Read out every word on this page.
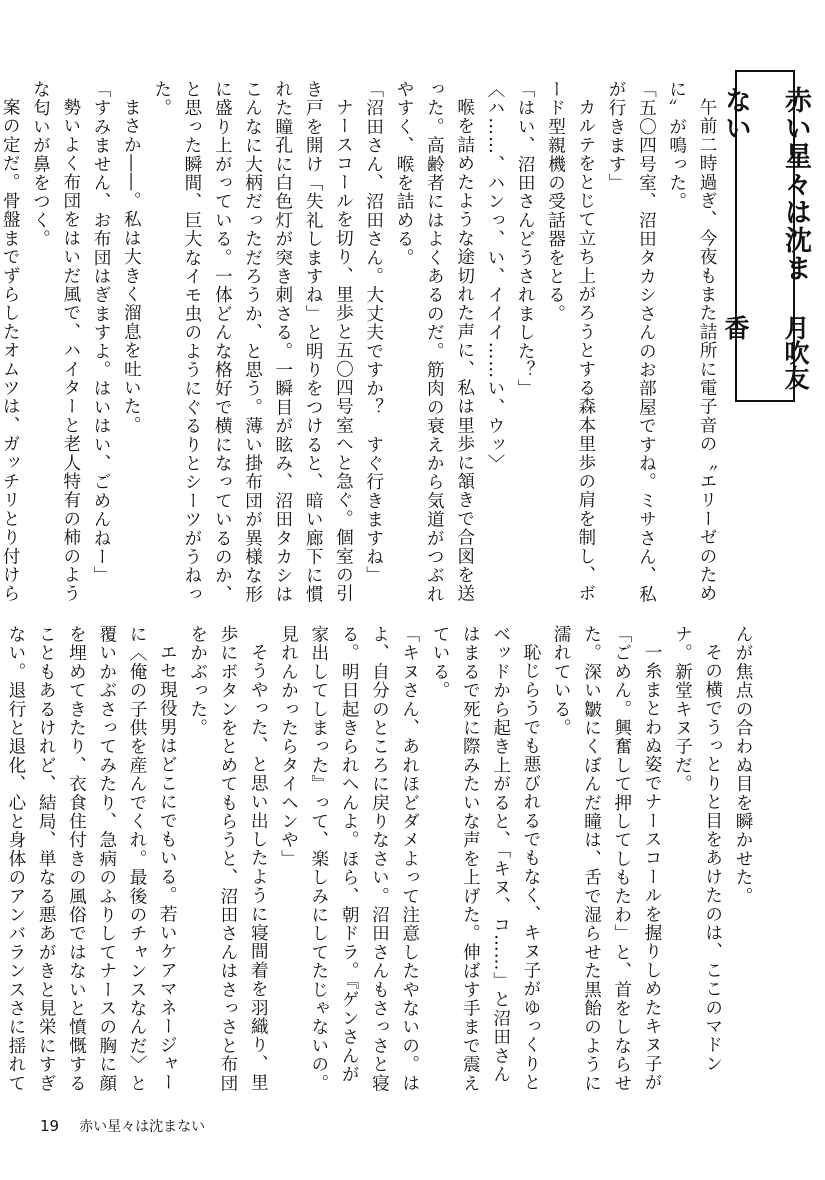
赤い星々は沈まない
月吹友香

午前二時過ぎ、今夜もまた詰所に電子音の〝エリーゼのために〟が鳴った。

「五〇四号室、沼田タカシさんのお部屋ですね。ミサさん、私が行きます」

カルテをとじて立ち上がろうとする森本里歩の肩を制し、ボード型親機の受話器をとる。

「はい、沼田さんどうされました？」

〈ハ……、ハンっ、い、イイイ……い、ウッ〉

喉を詰めたような途切れた声に、私は里歩に頷きで合図を送った。高齢者にはよくあるのだ。筋肉の衰えから気道がつぶれやすく、喉を詰める。

「沼田さん、沼田さん。大丈夫ですか？　すぐ行きますね」

ナースコールを切り、里歩と五〇四号室へと急ぐ。個室の引き戸を開け「失礼しますね」と明りをつけると、暗い廊下に慣れた瞳孔に白色灯が突き刺さる。一瞬目が眩み、沼田タカシはこんなに大柄だっただろうか、と思う。薄い掛布団が異様な形に盛り上がっている。一体どんな格好で横になっているのか、と思った瞬間、巨大なイモ虫のようにぐるりとシーツがうねった。

まさか――。私は大きく溜息を吐いた。

「すみません、お布団はぎますよ。はいはい、ごめんねー」

勢いよく布団をはいだ風で、ハイターと老人特有の柿のような匂いが鼻をつく。

案の定だ。骨盤までずらしたオムツは、ガッチリとり付けら

んが焦点の合わぬ目を瞬かせた。

その横でうっとりと目をあけたのは、ここのマドンナ。新堂キヌ子だ。

一糸まとわぬ姿でナースコールを握りしめたキヌ子が「ごめん。興奮して押してしもたわ」と、首をしならせた。深い皺にくぼんだ瞳は、舌で湿らせた黒飴のように濡れている。

恥じらうでも悪びれるでもなく、キヌ子がゆっくりとベッドから起き上がると、「キヌ、コ……」と沼田さんはまるで死に際みたいな声を上げた。伸ばす手まで震えている。

「キヌさん、あれほどダメよって注意したやないの。はよ、自分のところに戻りなさい。沼田さんもさっさと寝る。明日起きられへんよ。ほら、朝ドラ。『ゲンさんが家出してしまった』って、楽しみにしてたじゃないの。見れんかったらタイヘンや」

そうやった、と思い出したように寝間着を羽織り、里歩にボタンをとめてもらうと、沼田さんはさっさと布団をかぶった。

エセ現役男はどこにでもいる。若いケアマネージャーに〈俺の子供を産んでくれ。最後のチャンスなんだ〉と覆いかぶさってみたり、急病のふりしてナースの胸に顔を埋めてきたり、衣食住付きの風俗ではないと憤慨することもあるけれど、結局、単なる悪あがきと見栄にすぎない。退行と退化、心と身体のアンバランスさに揺れて

19 赤い星々は沈まない
